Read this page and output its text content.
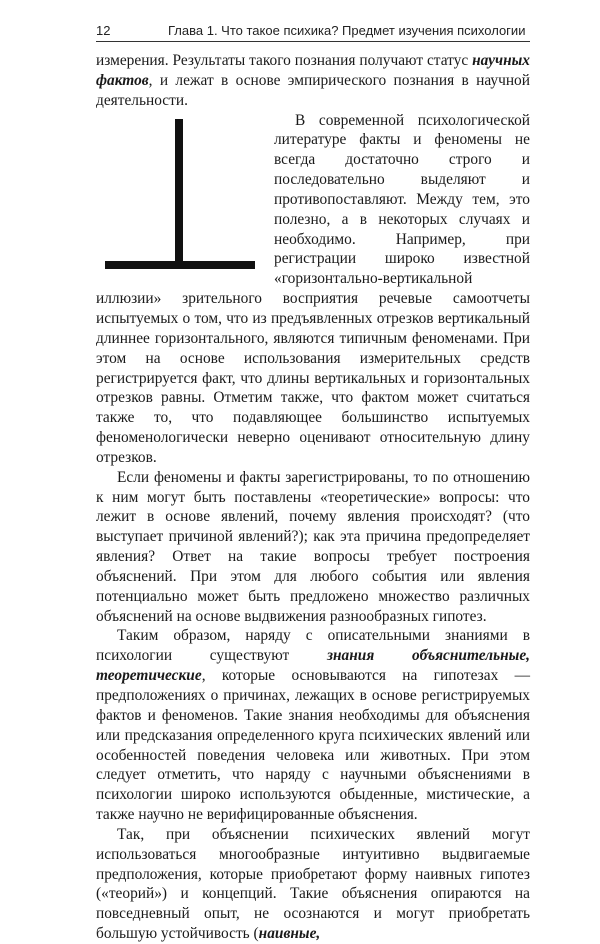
12	Глава 1. Что такое психика? Предмет изучения психологии

измерения. Результаты такого познания получают статус научных фактов, и лежат в основе эмпирического познания в научной деятельности.

В современной психологической литературе факты и феномены не всегда достаточно строго и последовательно выделяют и противопоставляют. Между тем, это полезно, а в некоторых случаях и необходимо. Например, при регистрации широко известной «горизонтально-вертикальной иллюзии» зрительного восприятия речевые самоотчеты испытуемых о том, что из предъявленных отрезков вертикальный длиннее горизонтального, являются типичным феноменами. При этом на основе использования измерительных средств регистрируется факт, что длины вертикальных и горизонтальных отрезков равны. Отметим также, что фактом может считаться также то, что подавляющее большинство испытуемых феноменологически неверно оценивают относительную длину отрезков.

Если феномены и факты зарегистрированы, то по отношению к ним могут быть поставлены «теоретические» вопросы: что лежит в основе явлений, почему явления происходят? (что выступает причиной явлений?); как эта причина предопределяет явления? Ответ на такие вопросы требует построения объяснений. При этом для любого события или явления потенциально может быть предложено множество различных объяснений на основе выдвижения разнообразных гипотез.

Таким образом, наряду с описательными знаниями в психологии существуют знания объяснительные, теоретические, которые основываются на гипотезах — предположениях о причинах, лежащих в основе регистрируемых фактов и феноменов. Такие знания необходимы для объяснения или предсказания определенного круга психических явлений или особенностей поведения человека или животных. При этом следует отметить, что наряду с научными объяснениями в психологии широко используются обыденные, мистические, а также научно не верифицированные объяснения.

Так, при объяснении психических явлений могут использоваться многообразные интуитивно выдвигаемые предположения, которые приобретают форму наивных гипотез («теорий») и концепций. Такие объяснения опираются на повседневный опыт, не осознаются и могут приобретать большую устойчивость (наивные,
